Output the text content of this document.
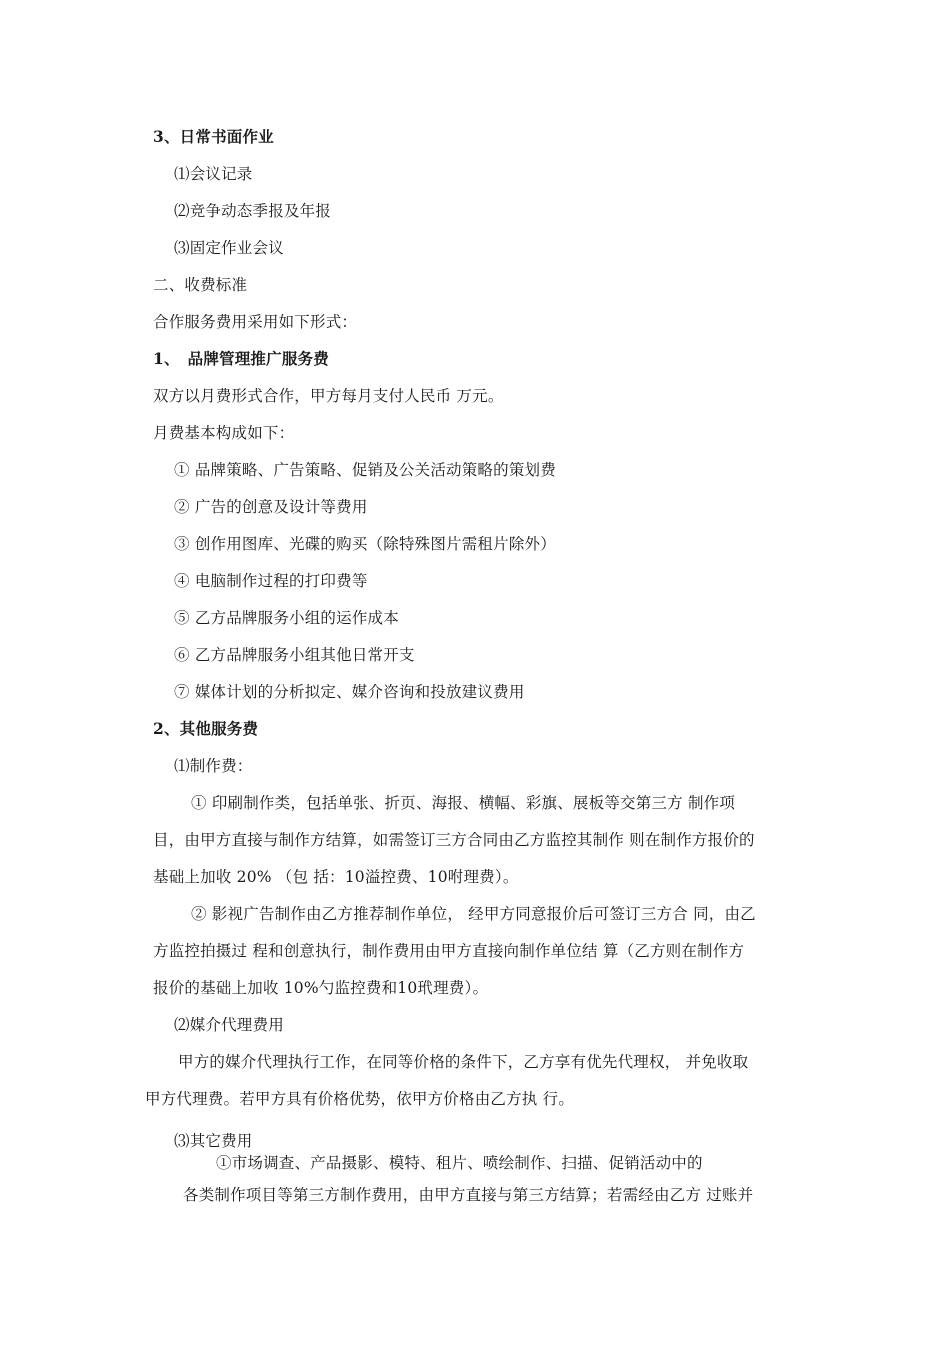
3、日常书面作业
⑴会议记录
⑵竞争动态季报及年报
⑶固定作业会议
二、收费标准
合作服务费用采用如下形式：
1、　品牌管理推广服务费
双方以月费形式合作，甲方每月支付人民币 万元。
月费基本构成如下：
① 品牌策略、广告策略、促销及公关活动策略的策划费
② 广告的创意及设计等费用
③ 创作用图库、光碟的购买（除特殊图片需租片除外）
④ 电脑制作过程的打印费等
⑤ 乙方品牌服务小组的运作成本
⑥ 乙方品牌服务小组其他日常开支
⑦ 媒体计划的分析拟定、媒介咨询和投放建议费用
2、其他服务费
⑴制作费：
① 印刷制作类，包括单张、折页、海报、横幅、彩旗、展板等交第三方 制作项
目，由甲方直接与制作方结算，如需签订三方合同由乙方监控其制作 则在制作方报价的
基础上加收 20% （包 括：10溢控费、10咐理费）。
② 影视广告制作由乙方推荐制作单位， 经甲方同意报价后可签订三方合 同，由乙
方监控拍摄过 程和创意执行，制作费用由甲方直接向制作单位结 算（乙方则在制作方
报价的基础上加收 10%勺监控费和10玳理费）。
⑵媒介代理费用
甲方的媒介代理执行工作，在同等价格的条件下，乙方享有优先代理权， 并免收取
甲方代理费。若甲方具有价格优势，依甲方价格由乙方执 行。
⑶其它费用
①市场调查、产品摄影、模特、租片、喷绘制作、扫描、促销活动中的
各类制作项目等第三方制作费用，由甲方直接与第三方结算；若需经由乙方 过账并
